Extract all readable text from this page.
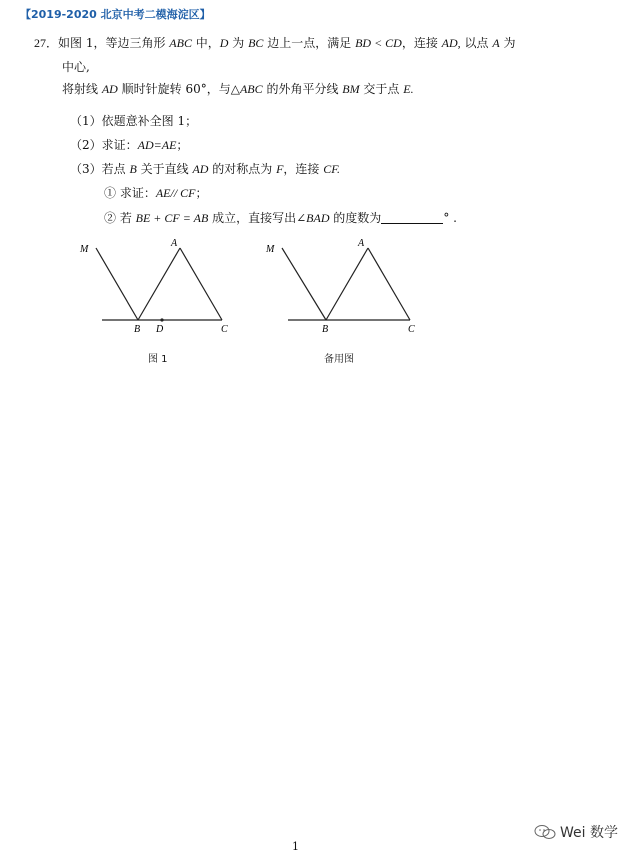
【2019-2020 北京中考二模海淀区】
27．如图 1，等边三角形 ABC 中，D 为 BC 边上一点，满足 BD < CD，连接 AD, 以点 A 为
中心,
将射线 AD 顺时针旋转 60°，与△ABC 的外角平分线 BM 交于点 E.
（1）依题意补全图 1；
（2）求证：AD=AE；
（3）若点 B 关于直线 AD 的对称点为 F，连接 CF.
① 求证：AE// CF；
② 若 BE + CF = AB 成立，直接写出∠BAD 的度数为	° .
M
A
B D	C
图 1
M
A
B	C
备用图
Wei 数学
1
